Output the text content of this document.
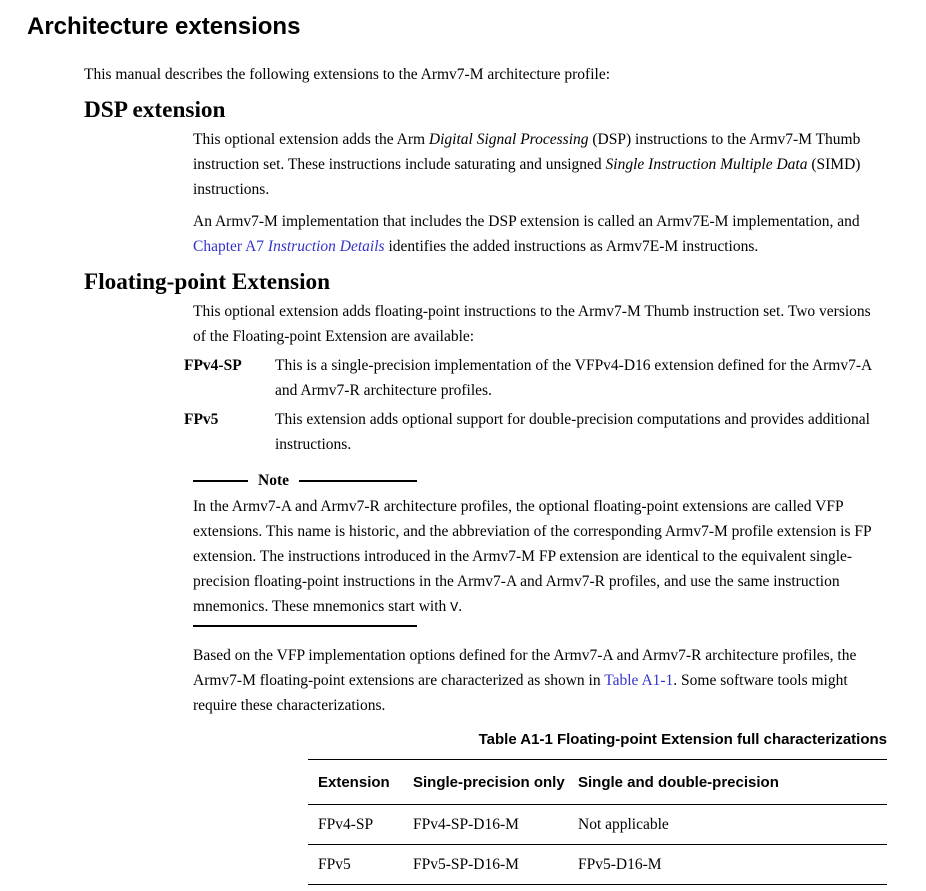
Architecture extensions

This manual describes the following extensions to the Armv7-M architecture profile:

DSP extension

This optional extension adds the Arm Digital Signal Processing (DSP) instructions to the Armv7-M Thumb instruction set. These instructions include saturating and unsigned Single Instruction Multiple Data (SIMD) instructions.

An Armv7-M implementation that includes the DSP extension is called an Armv7E-M implementation, and Chapter A7 Instruction Details identifies the added instructions as Armv7E-M instructions.

Floating-point Extension

This optional extension adds floating-point instructions to the Armv7-M Thumb instruction set. Two versions of the Floating-point Extension are available:

FPv4-SP	This is a single-precision implementation of the VFPv4-D16 extension defined for the Armv7-A and Armv7-R architecture profiles.
FPv5	This extension adds optional support for double-precision computations and provides additional instructions.
Note

In the Armv7-A and Armv7-R architecture profiles, the optional floating-point extensions are called VFP extensions. This name is historic, and the abbreviation of the corresponding Armv7-M profile extension is FP extension. The instructions introduced in the Armv7-M FP extension are identical to the equivalent single-precision floating-point instructions in the Armv7-A and Armv7-R profiles, and use the same instruction mnemonics. These mnemonics start with V.

Based on the VFP implementation options defined for the Armv7-A and Armv7-R architecture profiles, the Armv7-M floating-point extensions are characterized as shown in Table A1-1. Some software tools might require these characterizations.

Table A1-1 Floating-point Extension full characterizations
Extension	Single-precision only	Single and double-precision
FPv4-SP	FPv4-SP-D16-M	Not applicable
FPv5	FPv5-SP-D16-M	FPv5-D16-M
